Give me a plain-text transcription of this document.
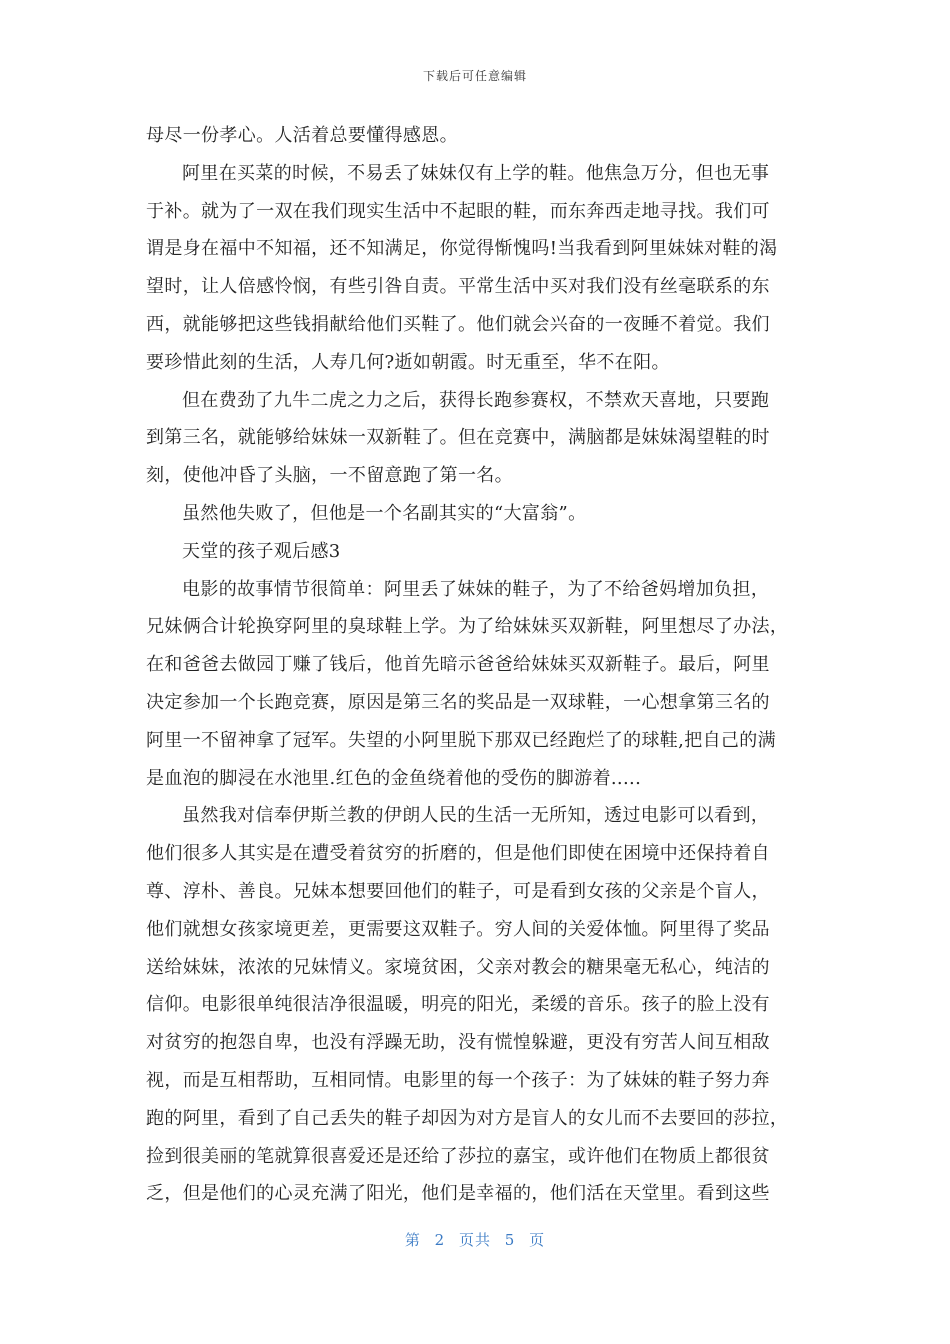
下载后可任意编辑
母尽一份孝心。人活着总要懂得感恩。
阿里在买菜的时候，不易丢了妹妹仅有上学的鞋。他焦急万分，但也无事
于补。就为了一双在我们现实生活中不起眼的鞋，而东奔西走地寻找。我们可
谓是身在福中不知福，还不知满足，你觉得惭愧吗!当我看到阿里妹妹对鞋的渴
望时，让人倍感怜悯，有些引咎自责。平常生活中买对我们没有丝毫联系的东
西，就能够把这些钱捐献给他们买鞋了。他们就会兴奋的一夜睡不着觉。我们
要珍惜此刻的生活，人寿几何?逝如朝霞。时无重至，华不在阳。
但在费劲了九牛二虎之力之后，获得长跑参赛权，不禁欢天喜地，只要跑
到第三名，就能够给妹妹一双新鞋了。但在竞赛中，满脑都是妹妹渴望鞋的时
刻，使他冲昏了头脑，一不留意跑了第一名。
虽然他失败了，但他是一个名副其实的“大富翁”。
天堂的孩子观后感3
电影的故事情节很简单：阿里丢了妹妹的鞋子，为了不给爸妈增加负担，
兄妹俩合计轮换穿阿里的臭球鞋上学。为了给妹妹买双新鞋，阿里想尽了办法，
在和爸爸去做园丁赚了钱后，他首先暗示爸爸给妹妹买双新鞋子。最后，阿里
决定参加一个长跑竞赛，原因是第三名的奖品是一双球鞋，一心想拿第三名的
阿里一不留神拿了冠军。失望的小阿里脱下那双已经跑烂了的球鞋,把自己的满
是血泡的脚浸在水池里.红色的金鱼绕着他的受伤的脚游着.....
虽然我对信奉伊斯兰教的伊朗人民的生活一无所知，透过电影可以看到，
他们很多人其实是在遭受着贫穷的折磨的，但是他们即使在困境中还保持着自
尊、淳朴、善良。兄妹本想要回他们的鞋子，可是看到女孩的父亲是个盲人，
他们就想女孩家境更差，更需要这双鞋子。穷人间的关爱体恤。阿里得了奖品
送给妹妹，浓浓的兄妹情义。家境贫困，父亲对教会的糖果毫无私心，纯洁的
信仰。电影很单纯很洁净很温暖，明亮的阳光，柔缓的音乐。孩子的脸上没有
对贫穷的抱怨自卑，也没有浮躁无助，没有慌惶躲避，更没有穷苦人间互相敌
视，而是互相帮助，互相同情。电影里的每一个孩子：为了妹妹的鞋子努力奔
跑的阿里，看到了自己丢失的鞋子却因为对方是盲人的女儿而不去要回的莎拉，
捡到很美丽的笔就算很喜爱还是还给了莎拉的嘉宝，或许他们在物质上都很贫
乏，但是他们的心灵充满了阳光，他们是幸福的，他们活在天堂里。看到这些
第 2 页共 5 页
